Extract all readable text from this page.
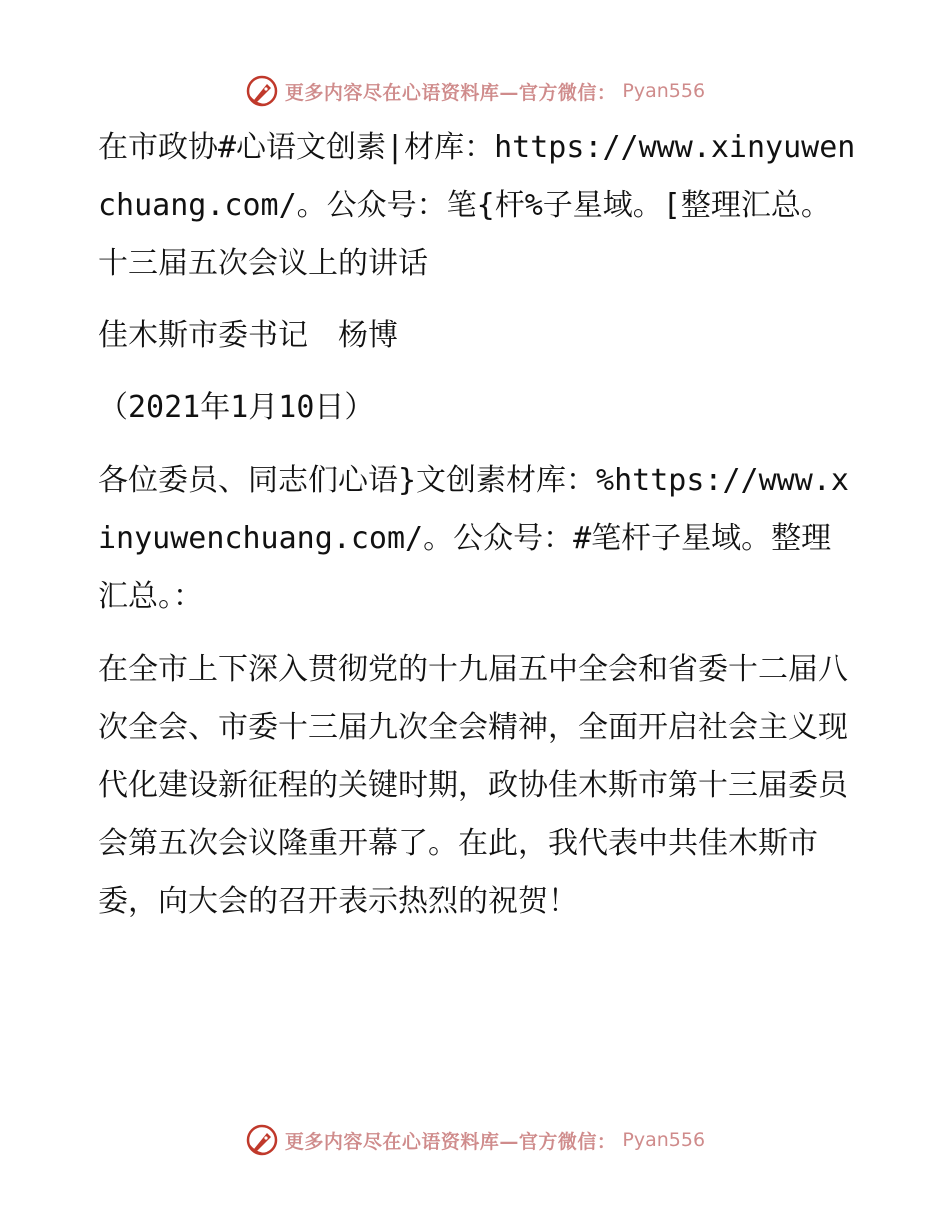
更多内容尽在心语资料库—官方微信： Pyan556

在市政协#心语文创素|材库：https://www.xinyuwenchuang.com/。公众号：笔{杆%子星域。[整理汇总。十三届五次会议上的讲话

佳木斯市委书记　杨博

（2021年1月10日）

各位委员、同志们心语}文创素材库：%https://www.xinyuwenchuang.com/。公众号：#笔杆子星域。整理汇总。：

在全市上下深入贯彻党的十九届五中全会和省委十二届八次全会、市委十三届九次全会精神，全面开启社会主义现代化建设新征程的关键时期，政协佳木斯市第十三届委员会第五次会议隆重开幕了。在此，我代表中共佳木斯市委，向大会的召开表示热烈的祝贺！

更多内容尽在心语资料库—官方微信： Pyan556
